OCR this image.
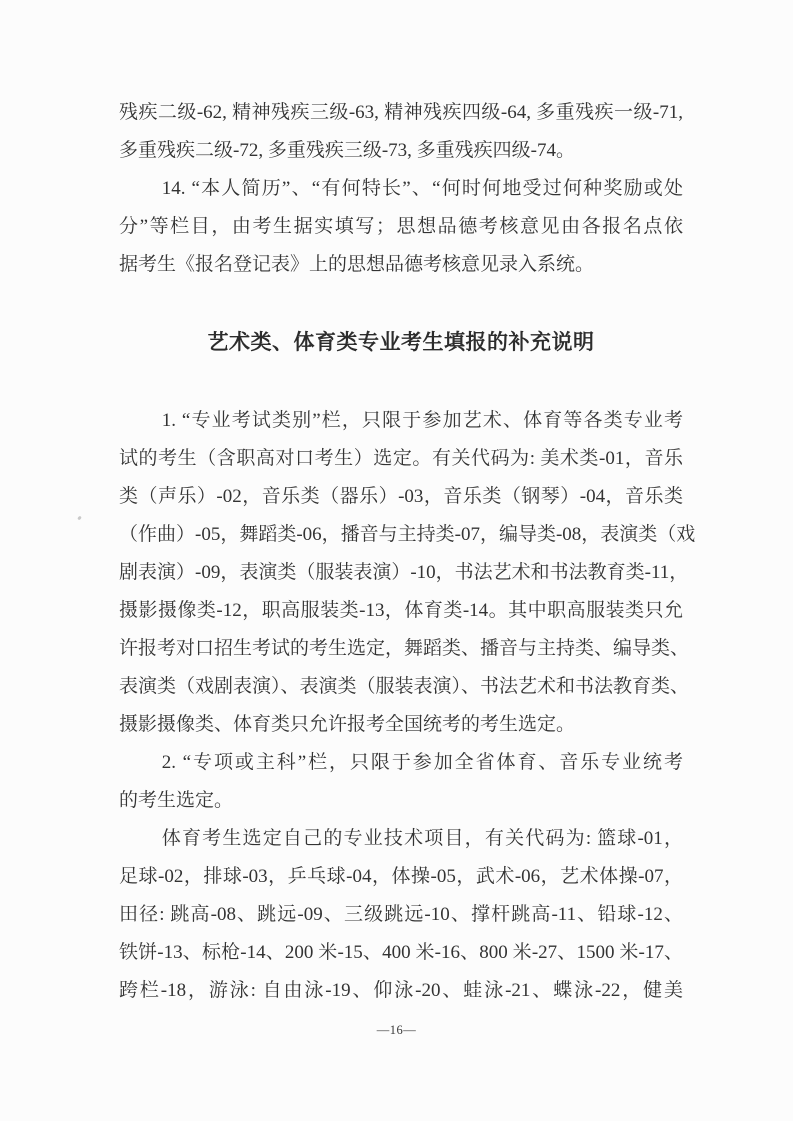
残疾二级-62, 精神残疾三级-63, 精神残疾四级-64, 多重残疾一级-71,
多重残疾二级-72, 多重残疾三级-73, 多重残疾四级-74。
14. “本人简历”、“有何特长”、“何时何地受过何种奖励或处
分”等栏目，由考生据实填写；思想品德考核意见由各报名点依
据考生《报名登记表》上的思想品德考核意见录入系统。
艺术类、体育类专业考生填报的补充说明
1. “专业考试类别”栏，只限于参加艺术、体育等各类专业考
试的考生（含职高对口考生）选定。有关代码为: 美术类-01，音乐
类（声乐）-02，音乐类（器乐）-03，音乐类（钢琴）-04，音乐类
（作曲）-05，舞蹈类-06，播音与主持类-07，编导类-08，表演类（戏
剧表演）-09，表演类（服装表演）-10，书法艺术和书法教育类-11，
摄影摄像类-12，职高服装类-13，体育类-14。其中职高服装类只允
许报考对口招生考试的考生选定，舞蹈类、播音与主持类、编导类、
表演类（戏剧表演）、表演类（服装表演）、书法艺术和书法教育类、
摄影摄像类、体育类只允许报考全国统考的考生选定。
2. “专项或主科”栏，只限于参加全省体育、音乐专业统考
的考生选定。
体育考生选定自己的专业技术项目，有关代码为: 篮球-01，
足球-02，排球-03，乒乓球-04，体操-05，武术-06，艺术体操-07，
田径: 跳高-08、跳远-09、三级跳远-10、撑杆跳高-11、铅球-12、
铁饼-13、标枪-14、200 米-15、400 米-16、800 米-27、1500 米-17、
跨栏-18，游泳: 自由泳-19、仰泳-20、蛙泳-21、蝶泳-22，健美
—16—
